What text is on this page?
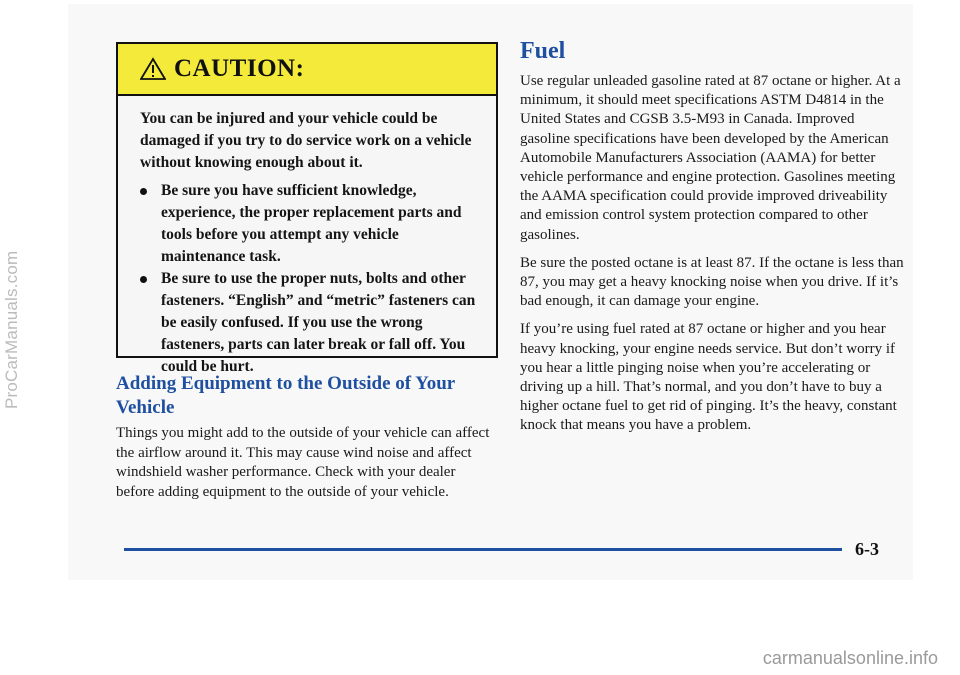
ProCarManuals.com
CAUTION:
You can be injured and your vehicle could be damaged if you try to do service work on a vehicle without knowing enough about it.
Be sure you have sufficient knowledge, experience, the proper replacement parts and tools before you attempt any vehicle maintenance task.
Be sure to use the proper nuts, bolts and other fasteners. “English” and “metric” fasteners can be easily confused. If you use the wrong fasteners, parts can later break or fall off. You could be hurt.
Adding Equipment to the Outside of Your Vehicle
Things you might add to the outside of your vehicle can affect the airflow around it. This may cause wind noise and affect windshield washer performance. Check with your dealer before adding equipment to the outside of your vehicle.
Fuel

Use regular unleaded gasoline rated at 87 octane or higher. At a minimum, it should meet specifications ASTM D4814 in the United States and CGSB 3.5-M93 in Canada. Improved gasoline specifications have been developed by the American Automobile Manufacturers Association (AAMA) for better vehicle performance and engine protection. Gasolines meeting the AAMA specification could provide improved driveability and emission control system protection compared to other gasolines.

Be sure the posted octane is at least 87. If the octane is less than 87, you may get a heavy knocking noise when you drive. If it’s bad enough, it can damage your engine.

If you’re using fuel rated at 87 octane or higher and you hear heavy knocking, your engine needs service. But don’t worry if you hear a little pinging noise when you’re accelerating or driving up a hill. That’s normal, and you don’t have to buy a higher octane fuel to get rid of pinging. It’s the heavy, constant knock that means you have a problem.

6-3
carmanualsonline.info
